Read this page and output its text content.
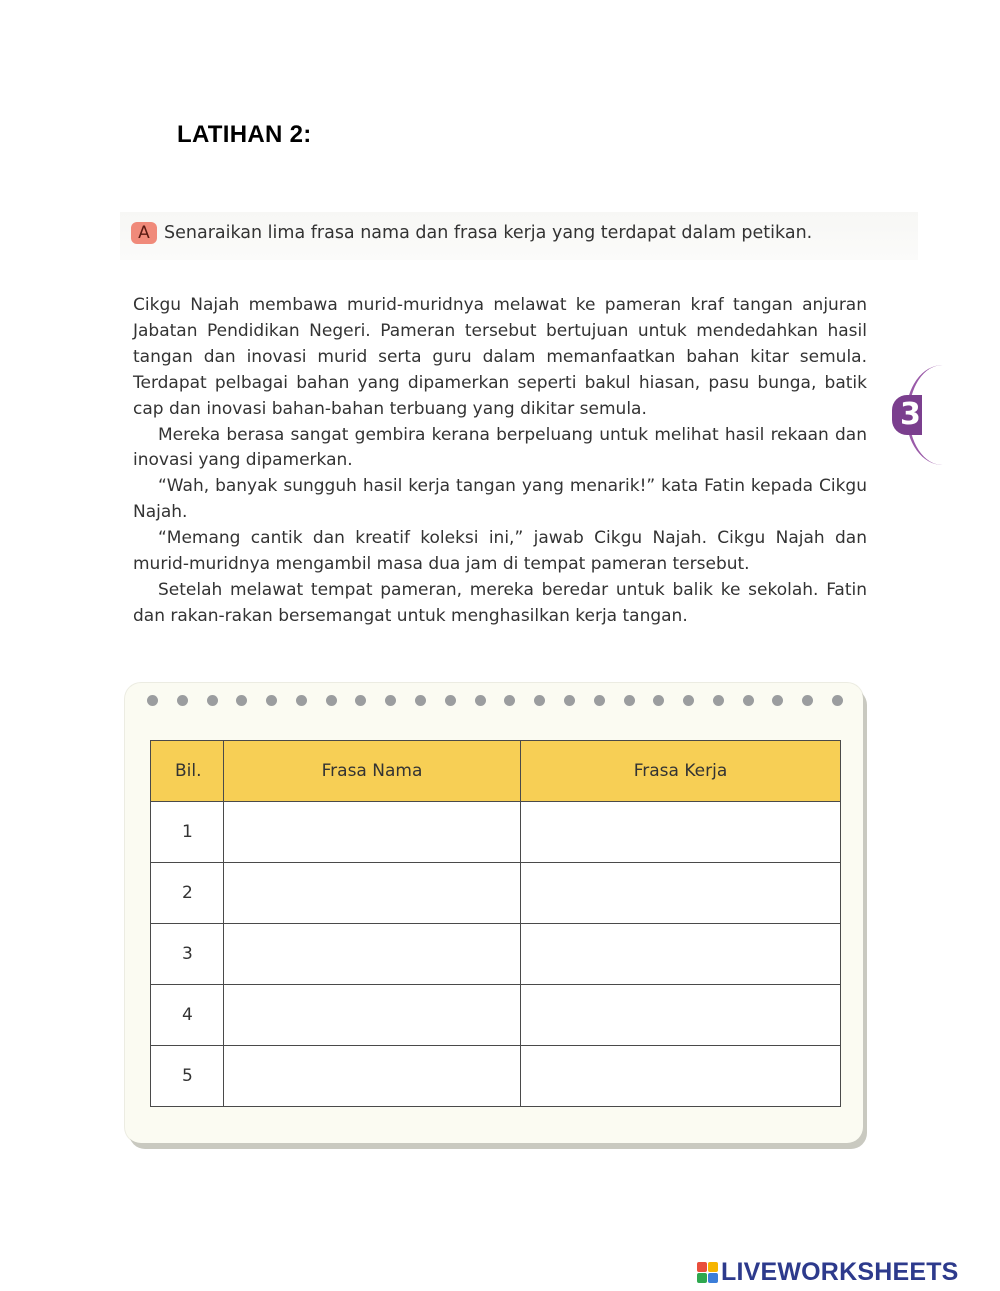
LATIHAN 2:
A Senaraikan lima frasa nama dan frasa kerja yang terdapat dalam petikan.

Cikgu Najah membawa murid-muridnya melawat ke pameran kraf tangan anjuran Jabatan Pendidikan Negeri. Pameran tersebut bertujuan untuk mendedahkan hasil tangan dan inovasi murid serta guru dalam memanfaatkan bahan kitar semula. Terdapat pelbagai bahan yang dipamerkan seperti bakul hiasan, pasu bunga, batik cap dan inovasi bahan-bahan terbuang yang dikitar semula.

Mereka berasa sangat gembira kerana berpeluang untuk melihat hasil rekaan dan inovasi yang dipamerkan.

“Wah, banyak sungguh hasil kerja tangan yang menarik!” kata Fatin kepada Cikgu Najah.

“Memang cantik dan kreatif koleksi ini,” jawab Cikgu Najah. Cikgu Najah dan murid-muridnya mengambil masa dua jam di tempat pameran tersebut.

Setelah melawat tempat pameran, mereka beredar untuk balik ke sekolah. Fatin dan rakan-rakan bersemangat untuk menghasilkan kerja tangan.

3
Bil.	Frasa Nama	Frasa Kerja
1		
2		
3		
4		
5		
LIVEWORKSHEETS
